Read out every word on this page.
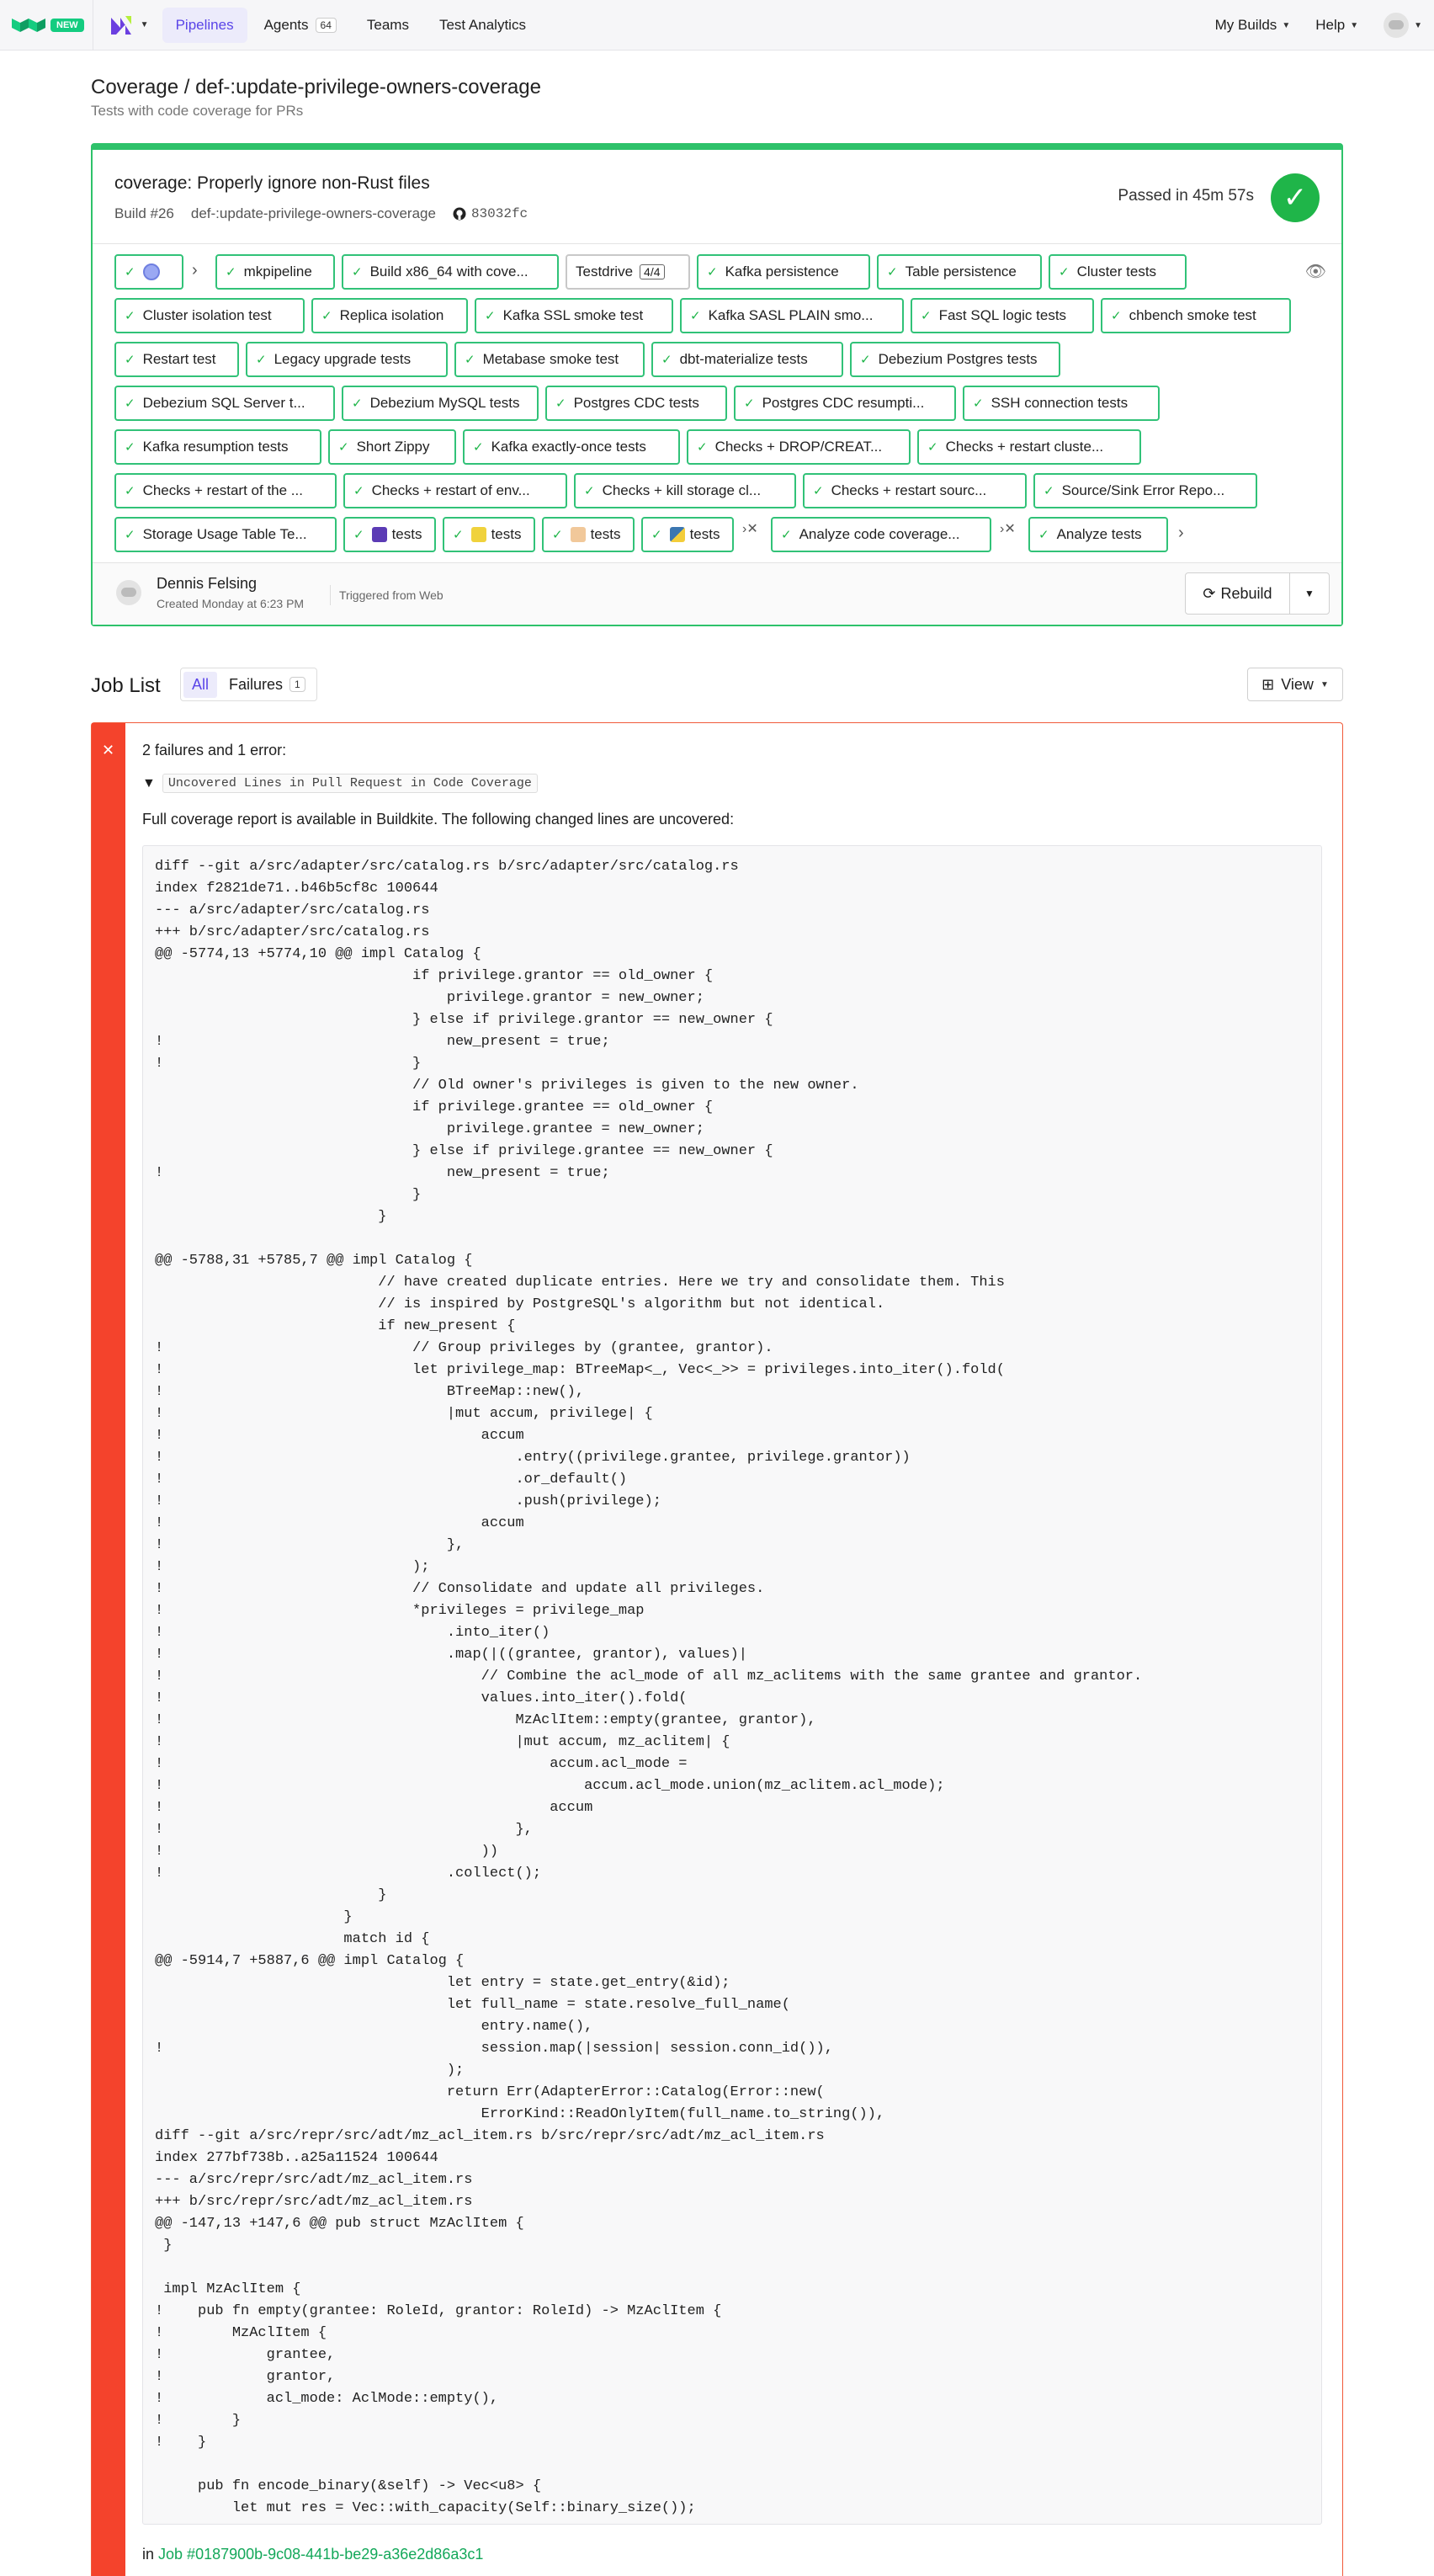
NEW	▼ Pipelines Agents	64	Teams Test Analytics	My Builds ▼ Help ▼	▼
Coverage / def-:update-privilege-owners-coverage
Tests with code coverage for PRs
coverage: Properly ignore non-Rust files
Build #26 def-:update-privilege-owners-coverage	83032fc
Passed in 45m 57s	✓
✓	› ✓ mkpipeline	✓ Build x86_64 with cove...	Testdrive 4/4	✓ Kafka persistence	✓ Table persistence	✓ Cluster tests	👁
✓ Cluster isolation test	✓ Replica isolation	✓ Kafka SSL smoke test	✓ Kafka SASL PLAIN smo...	✓ Fast SQL logic tests	✓ chbench smoke test
✓ Restart test	✓ Legacy upgrade tests	✓ Metabase smoke test	✓ dbt-materialize tests	✓ Debezium Postgres tests
✓ Debezium SQL Server t...	✓ Debezium MySQL tests	✓ Postgres CDC tests	✓ Postgres CDC resumpti...	✓ SSH connection tests
✓ Kafka resumption tests	✓ Short Zippy	✓ Kafka exactly-once tests	✓ Checks + DROP/CREAT...	✓ Checks + restart cluste...
✓ Checks + restart of the ...	✓ Checks + restart of env...	✓ Checks + kill storage cl...	✓ Checks + restart sourc...	✓ Source/Sink Error Repo...
✓ Storage Usage Table Te...	✓ tests ✓ tests ✓ tests ✓ tests ›✕ ✓ Analyze code coverage...	›✕ ✓ Analyze tests ›
Dennis Felsing
Created Monday at 6:23 PM
Triggered from Web	⟳ Rebuild	▼
Job List All Failures	1	⊞ View ▼
✕ 2 failures and 1 error:
▼	Uncovered Lines in Pull Request in Code Coverage
Full coverage report is available in Buildkite. The following changed lines are uncovered:
diff --git a/src/adapter/src/catalog.rs b/src/adapter/src/catalog.rs
index f2821de71..b46b5cf8c 100644
--- a/src/adapter/src/catalog.rs
+++ b/src/adapter/src/catalog.rs
@@ -5774,13 +5774,10 @@ impl Catalog {
if privilege.grantor == old_owner {
privilege.grantor = new_owner;
} else if privilege.grantor == new_owner {
!                                 new_present = true;
!                             }
// Old owner's privileges is given to the new owner.
if privilege.grantee == old_owner {
privilege.grantee = new_owner;
} else if privilege.grantee == new_owner {
!                                 new_present = true;
}
}

@@ -5788,31 +5785,7 @@ impl Catalog {
// have created duplicate entries. Here we try and consolidate them. This
// is inspired by PostgreSQL's algorithm but not identical.
if new_present {
!                             // Group privileges by (grantee, grantor).
!                             let privilege_map: BTreeMap<_, Vec<_>> = privileges.into_iter().fold(
!                                 BTreeMap::new(),
!                                 |mut accum, privilege| {
!                                     accum
!                                         .entry((privilege.grantee, privilege.grantor))
!                                         .or_default()
!                                         .push(privilege);
!                                     accum
!                                 },
!                             );
!                             // Consolidate and update all privileges.
!                             *privileges = privilege_map
!                                 .into_iter()
!                                 .map(|((grantee, grantor), values)|
!                                     // Combine the acl_mode of all mz_aclitems with the same grantee and grantor.
!                                     values.into_iter().fold(
!                                         MzAclItem::empty(grantee, grantor),
!                                         |mut accum, mz_aclitem| {
!                                             accum.acl_mode =
!                                                 accum.acl_mode.union(mz_aclitem.acl_mode);
!                                             accum
!                                         },
!                                     ))
!                                 .collect();
}
}
match id {
@@ -5914,7 +5887,6 @@ impl Catalog {
let entry = state.get_entry(&id);
let full_name = state.resolve_full_name(
entry.name(),
!                                     session.map(|session| session.conn_id()),
);
return Err(AdapterError::Catalog(Error::new(
ErrorKind::ReadOnlyItem(full_name.to_string()),
diff --git a/src/repr/src/adt/mz_acl_item.rs b/src/repr/src/adt/mz_acl_item.rs
index 277bf738b..a25a11524 100644
--- a/src/repr/src/adt/mz_acl_item.rs
+++ b/src/repr/src/adt/mz_acl_item.rs
@@ -147,13 +147,6 @@ pub struct MzAclItem {
}

impl MzAclItem {
!    pub fn empty(grantee: RoleId, grantor: RoleId) -> MzAclItem {
!        MzAclItem {
!            grantee,
!            grantor,
!            acl_mode: AclMode::empty(),
!        }
!    }

pub fn encode_binary(&self) -> Vec<u8> {
let mut res = Vec::with_capacity(Self::binary_size());
in Job #0187900b-9c08-441b-be29-a36e2d86a3c1
